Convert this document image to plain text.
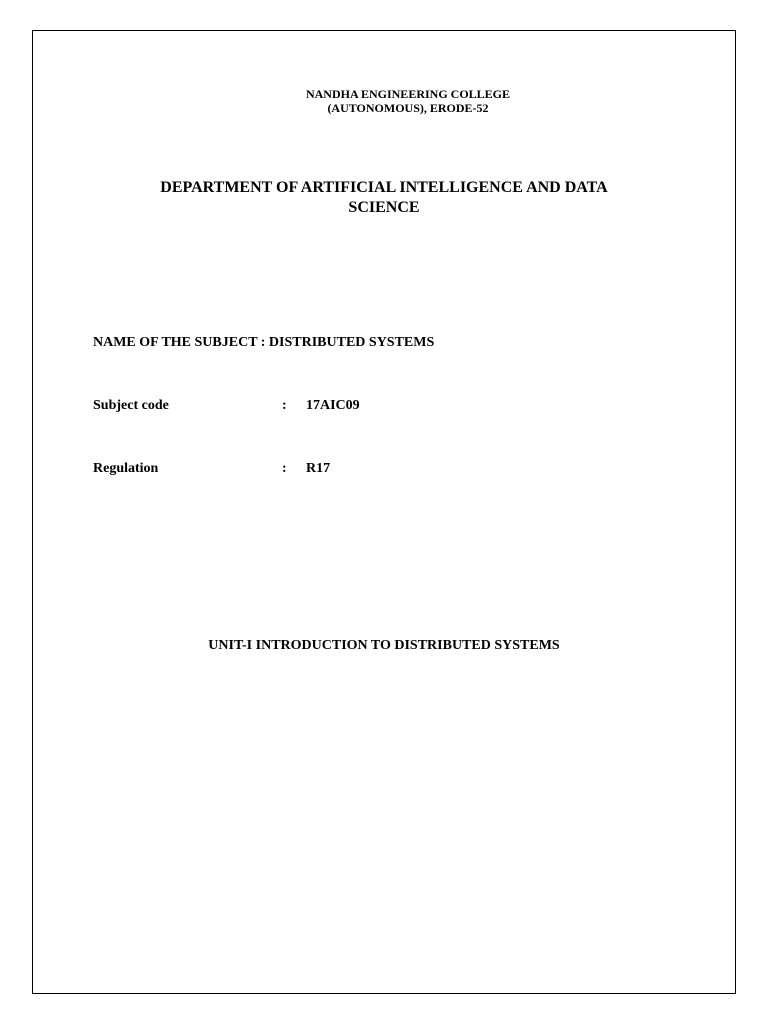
NANDHA ENGINEERING COLLEGE
(AUTONOMOUS), ERODE-52
DEPARTMENT OF ARTIFICIAL INTELLIGENCE AND DATA
SCIENCE
NAME OF THE SUBJECT : DISTRIBUTED SYSTEMS
Subject code	: 17AIC09
Regulation	: R17
UNIT-I INTRODUCTION TO DISTRIBUTED SYSTEMS
